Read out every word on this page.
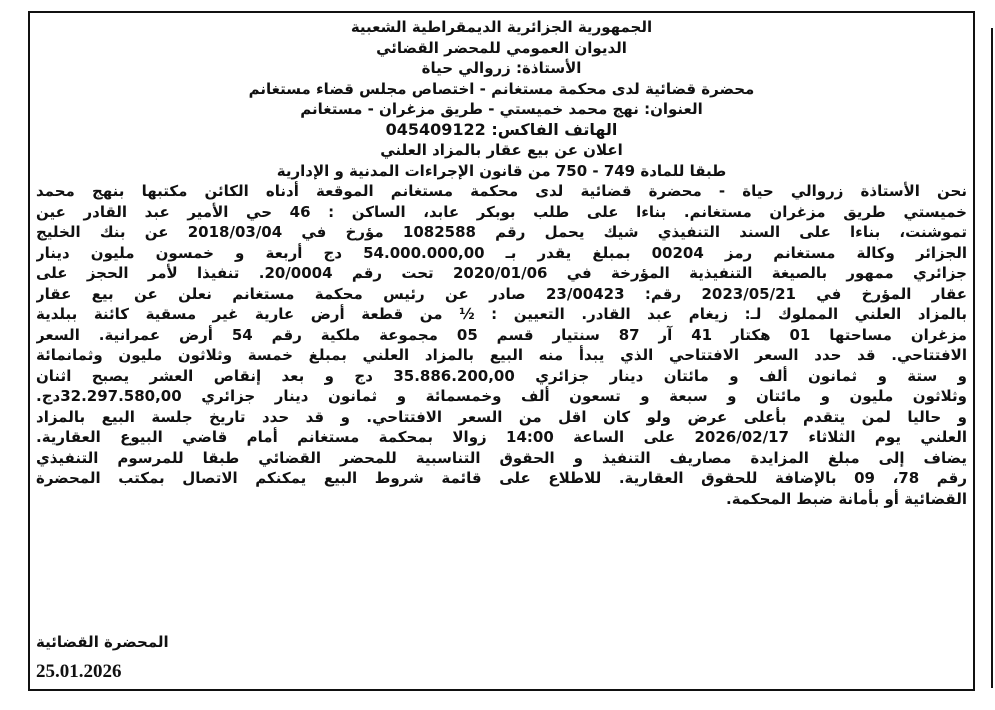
الجمهورية الجزائرية الديمقراطية الشعبية
الديوان العمومي للمحضر القضائي
الأستاذة: زروالي حياة
محضرة قضائية لدى محكمة مستغانم - اختصاص مجلس قضاء مستغانم
العنوان: نهج محمد خميستي - طريق مزغران - مستغانم
الهاتف الفاكس: 045409122
اعلان عن بيع عقار بالمزاد العلني
طبقا للمادة 749 - 750 من قانون الإجراءات المدنية و الإدارية
نحن الأستاذة زروالي حياة - محضرة قضائية لدى محكمة مستغانم الموقعة أدناه الكائن مكتبها بنهج محمد
خميستي طريق مزغران مستغانم. بناءا على طلب بوبكر عابد، الساكن : 46 حي الأمير عبد القادر عين
تموشنت، بناءا على السند التنفيذي شيك يحمل رقم 1082588 مؤرخ في 2018/03/04 عن بنك الخليج
الجزائر وكالة مستغانم رمز 00204 بمبلغ يقدر بـ 54.000.000,00 دج أربعة و خمسون مليون دينار
جزائري ممهور بالصيغة التنفيذية المؤرخة في 2020/01/06 تحت رقم 20/0004. تنفيذا لأمر الحجز على
عقار المؤرخ في 2023/05/21 رقم: 23/00423 صادر عن رئيس محكمة مستغانم نعلن عن بيع عقار
بالمزاد العلني المملوك لـ: زيغام عبد القادر. التعيين : ½ من قطعة أرض عارية غير مسقية كائنة ببلدية
مزغران مساحتها 01 هكتار 41 آر 87 سنتيار قسم 05 مجموعة ملكية رقم 54 أرض عمرانية. السعر
الافتتاحي. قد حدد السعر الافتتاحي الذي يبدأ منه البيع بالمزاد العلني بمبلغ خمسة وثلاثون مليون وثمانمائة
و ستة و ثمانون ألف و مائتان دينار جزائري 35.886.200,00 دج و بعد إنقاص العشر يصبح اثنان
وثلاثون مليون و مائتان و سبعة و تسعون ألف وخمسمائة و ثمانون دينار جزائري 32.297.580,00دج.
و حاليا لمن يتقدم بأعلى عرض ولو كان اقل من السعر الافتتاحي. و قد حدد تاريخ جلسة البيع بالمزاد
العلني يوم الثلاثاء 2026/02/17 على الساعة 14:00 زوالا بمحكمة مستغانم أمام قاضي البيوع العقارية.
يضاف إلى مبلغ المزايدة مصاريف التنفيذ و الحقوق التناسبية للمحضر القضائي طبقا للمرسوم التنفيذي
رقم 78، 09 بالإضافة للحقوق العقارية. للاطلاع على قائمة شروط البيع يمكنكم الاتصال بمكتب المحضرة
القضائية أو بأمانة ضبط المحكمة.
المحضرة القضائية
25.01.2026
